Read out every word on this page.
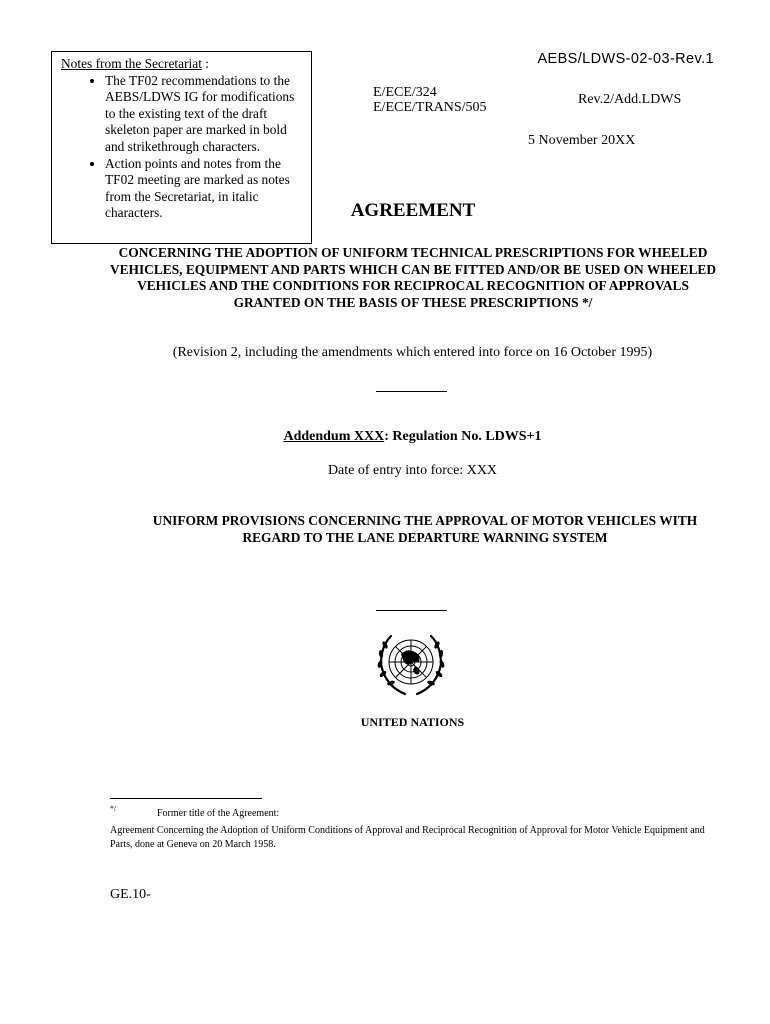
Notes from the Secretariat :
• The TF02 recommendations to the AEBS/LDWS IG for modifications to the existing text of the draft skeleton paper are marked in bold and strikethrough characters.
• Action points and notes from the TF02 meeting are marked as notes from the Secretariat, in italic characters.
AEBS/LDWS-02-03-Rev.1
E/ECE/324
E/ECE/TRANS/505
Rev.2/Add.LDWS
5 November 20XX
AGREEMENT
CONCERNING THE ADOPTION OF UNIFORM TECHNICAL PRESCRIPTIONS FOR WHEELED VEHICLES, EQUIPMENT AND PARTS WHICH CAN BE FITTED AND/OR BE USED ON WHEELED VEHICLES AND THE CONDITIONS FOR RECIPROCAL RECOGNITION OF APPROVALS GRANTED ON THE BASIS OF THESE PRESCRIPTIONS */
(Revision 2, including the amendments which entered into force on 16 October 1995)
Addendum XXX: Regulation No. LDWS+1
Date of entry into force: XXX
UNIFORM PROVISIONS CONCERNING THE APPROVAL OF MOTOR VEHICLES WITH REGARD TO THE LANE DEPARTURE WARNING SYSTEM
UNITED NATIONS
*/	Former title of the Agreement:
Agreement Concerning the Adoption of Uniform Conditions of Approval and Reciprocal Recognition of Approval for Motor Vehicle Equipment and Parts, done at Geneva on 20 March 1958.
GE.10-
